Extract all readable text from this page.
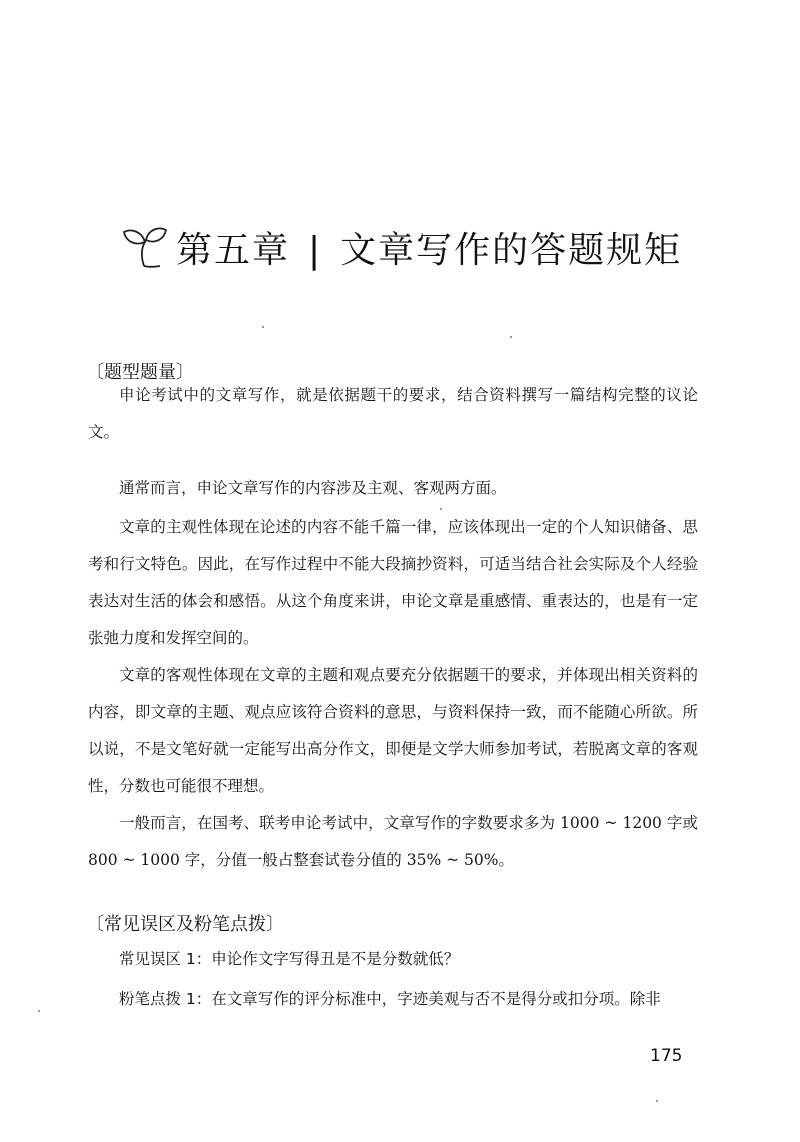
第五章 | 文章写作的答题规矩
〔题型题量〕

申论考试中的文章写作，就是依据题干的要求，结合资料撰写一篇结构完整的议论文。

通常而言，申论文章写作的内容涉及主观、客观两方面。

文章的主观性体现在论述的内容不能千篇一律，应该体现出一定的个人知识储备、思考和行文特色。因此，在写作过程中不能大段摘抄资料，可适当结合社会实际及个人经验表达对生活的体会和感悟。从这个角度来讲，申论文章是重感情、重表达的，也是有一定张弛力度和发挥空间的。

文章的客观性体现在文章的主题和观点要充分依据题干的要求，并体现出相关资料的内容，即文章的主题、观点应该符合资料的意思，与资料保持一致，而不能随心所欲。所以说，不是文笔好就一定能写出高分作文，即便是文学大师参加考试，若脱离文章的客观性，分数也可能很不理想。

一般而言，在国考、联考申论考试中，文章写作的字数要求多为 1000 ~ 1200 字或 800 ~ 1000 字，分值一般占整套试卷分值的 35% ~ 50%。

〔常见误区及粉笔点拨〕

常见误区 1：申论作文字写得丑是不是分数就低？

粉笔点拨 1：在文章写作的评分标准中，字迹美观与否不是得分或扣分项。除非

175
